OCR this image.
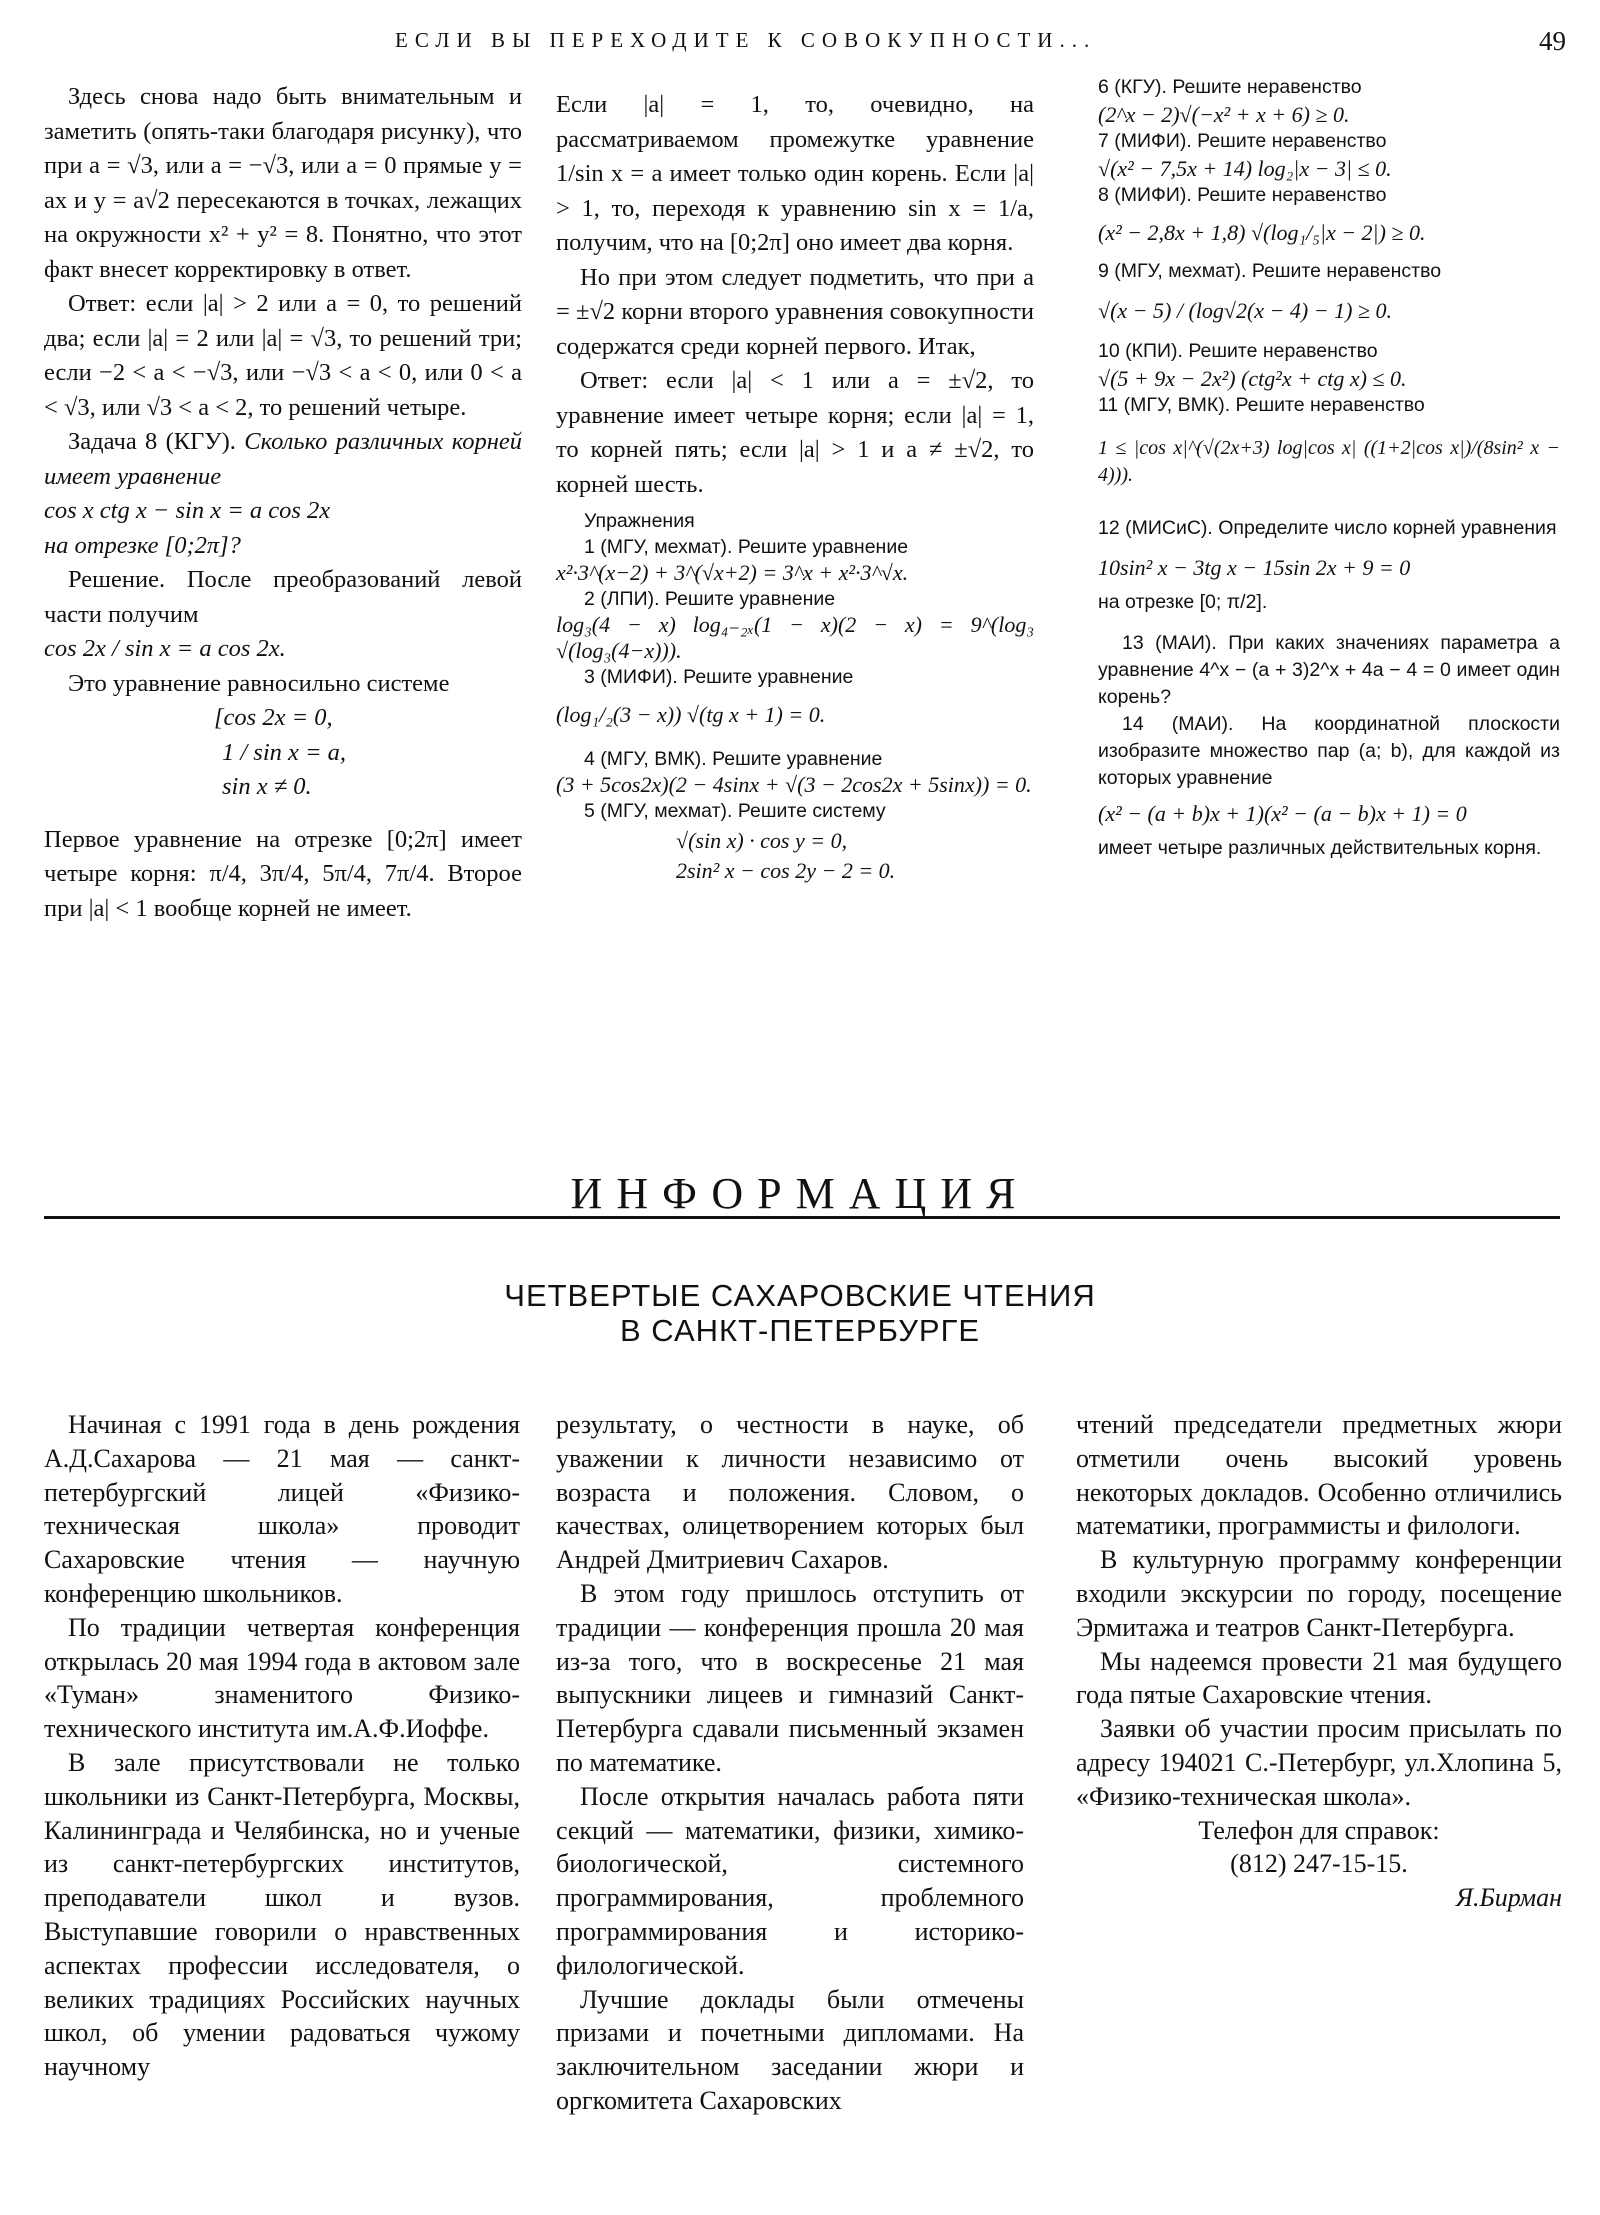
ЕСЛИ ВЫ ПЕРЕХОДИТЕ К СОВОКУПНОСТИ...	49

Здесь снова надо быть внимательным и заметить (опять-таки благодаря рисунку), что при a = √3, или a = −√3, или a = 0 прямые y = ax и y = a√2 пересекаются в точках, лежащих на окружности x² + y² = 8. Понятно, что этот факт внесет корректировку в ответ.

Ответ: если |a| > 2 или a = 0, то решений два; если |a| = 2 или |a| = √3, то решений три; если −2 < a < −√3, или −√3 < a < 0, или 0 < a < √3, или √3 < a < 2, то решений четыре.

Задача 8 (КГУ). Сколько различных корней имеет уравнение

cos x ctg x − sin x = a cos 2x

на отрезке [0;2π]?

Решение. После преобразований левой части получим

cos 2x / sin x = a cos 2x.

Это уравнение равносильно системе

[cos 2x = 0,

1 / sin x = a,

sin x ≠ 0.

Первое уравнение на отрезке [0;2π] имеет четыре корня: π/4, 3π/4, 5π/4, 7π/4. Второе при |a| < 1 вообще корней не имеет.

Если |a| = 1, то, очевидно, на рассматриваемом промежутке уравнение 1/sin x = a имеет только один корень. Если |a| > 1, то, переходя к уравнению sin x = 1/a, получим, что на [0;2π] оно имеет два корня.

Но при этом следует подметить, что при a = ±√2 корни второго уравнения совокупности содержатся среди корней первого. Итак,

Ответ: если |a| < 1 или a = ±√2, то уравнение имеет четыре корня; если |a| = 1, то корней пять; если |a| > 1 и a ≠ ±√2, то корней шесть.

Упражнения

1 (МГУ, мехмат). Решите уравнение

x²·3^(x−2) + 3^(√x+2) = 3^x + x²·3^√x.

2 (ЛПИ). Решите уравнение

log₃(4 − x) log₄₋₂ₓ(1 − x)(2 − x) = 9^(log₃ √(log₃(4−x))).

3 (МИФИ). Решите уравнение

(log₁/₂(3 − x)) √(tg x + 1) = 0.

4 (МГУ, ВМК). Решите уравнение

(3 + 5cos2x)(2 − 4sinx + √(3 − 2cos2x + 5sinx)) = 0.

5 (МГУ, мехмат). Решите систему

√(sin x) · cos y = 0,

2sin² x − cos 2y − 2 = 0.

6 (КГУ). Решите неравенство

(2^x − 2)√(−x² + x + 6) ≥ 0.

7 (МИФИ). Решите неравенство

√(x² − 7,5x + 14) log₂|x − 3| ≤ 0.

8 (МИФИ). Решите неравенство

(x² − 2,8x + 1,8) √(log₁/₅|x − 2|) ≥ 0.

9 (МГУ, мехмат). Решите неравенство

√(x − 5) / (log√2(x − 4) − 1) ≥ 0.

10 (КПИ). Решите неравенство

√(5 + 9x − 2x²) (ctg²x + ctg x) ≤ 0.

11 (МГУ, ВМК). Решите неравенство

1 ≤ |cos x|^(√(2x+3) log|cos x| ((1+2|cos x|)/(8sin² x − 4))).

12 (МИСиС). Определите число корней уравнения

10sin² x − 3tg x − 15sin 2x + 9 = 0

на отрезке [0; π/2].

13 (МАИ). При каких значениях параметра a уравнение 4^x − (a + 3)2^x + 4a − 4 = 0 имеет один корень?

14 (МАИ). На координатной плоскости изобразите множество пар (a; b), для каждой из которых уравнение

(x² − (a + b)x + 1)(x² − (a − b)x + 1) = 0

имеет четыре различных действительных корня.

ИНФОРМАЦИЯ
ЧЕТВЕРТЫЕ САХАРОВСКИЕ ЧТЕНИЯ
В САНКТ-ПЕТЕРБУРГЕ

Начиная с 1991 года в день рождения А.Д.Сахарова — 21 мая — санкт-петербургский лицей «Физико-техническая школа» проводит Сахаровские чтения — научную конференцию школьников.

По традиции четвертая конференция открылась 20 мая 1994 года в актовом зале «Туман» знаменитого Физико-технического института им.А.Ф.Иоффе.

В зале присутствовали не только школьники из Санкт-Петербурга, Москвы, Калининграда и Челябинска, но и ученые из санкт-петербургских институтов, преподаватели школ и вузов. Выступавшие говорили о нравственных аспектах профессии исследователя, о великих традициях Российских научных школ, об умении радоваться чужому научному

результату, о честности в науке, об уважении к личности независимо от возраста и положения. Словом, о качествах, олицетворением которых был Андрей Дмитриевич Сахаров.

В этом году пришлось отступить от традиции — конференция прошла 20 мая из-за того, что в воскресенье 21 мая выпускники лицеев и гимназий Санкт-Петербурга сдавали письменный экзамен по математике.

После открытия началась работа пяти секций — математики, физики, химико-биологической, системного программирования, проблемного программирования и историко-филологической.

Лучшие доклады были отмечены призами и почетными дипломами. На заключительном заседании жюри и оргкомитета Сахаровских

чтений председатели предметных жюри отметили очень высокий уровень некоторых докладов. Особенно отличились математики, программисты и филологи.

В культурную программу конференции входили экскурсии по городу, посещение Эрмитажа и театров Санкт-Петербурга.

Мы надеемся провести 21 мая будущего года пятые Сахаровские чтения.

Заявки об участии просим присылать по адресу 194021 С.-Петербург, ул.Хлопина 5, «Физико-техническая школа».

Телефон для справок:

(812) 247-15-15.

Я.Бирман
